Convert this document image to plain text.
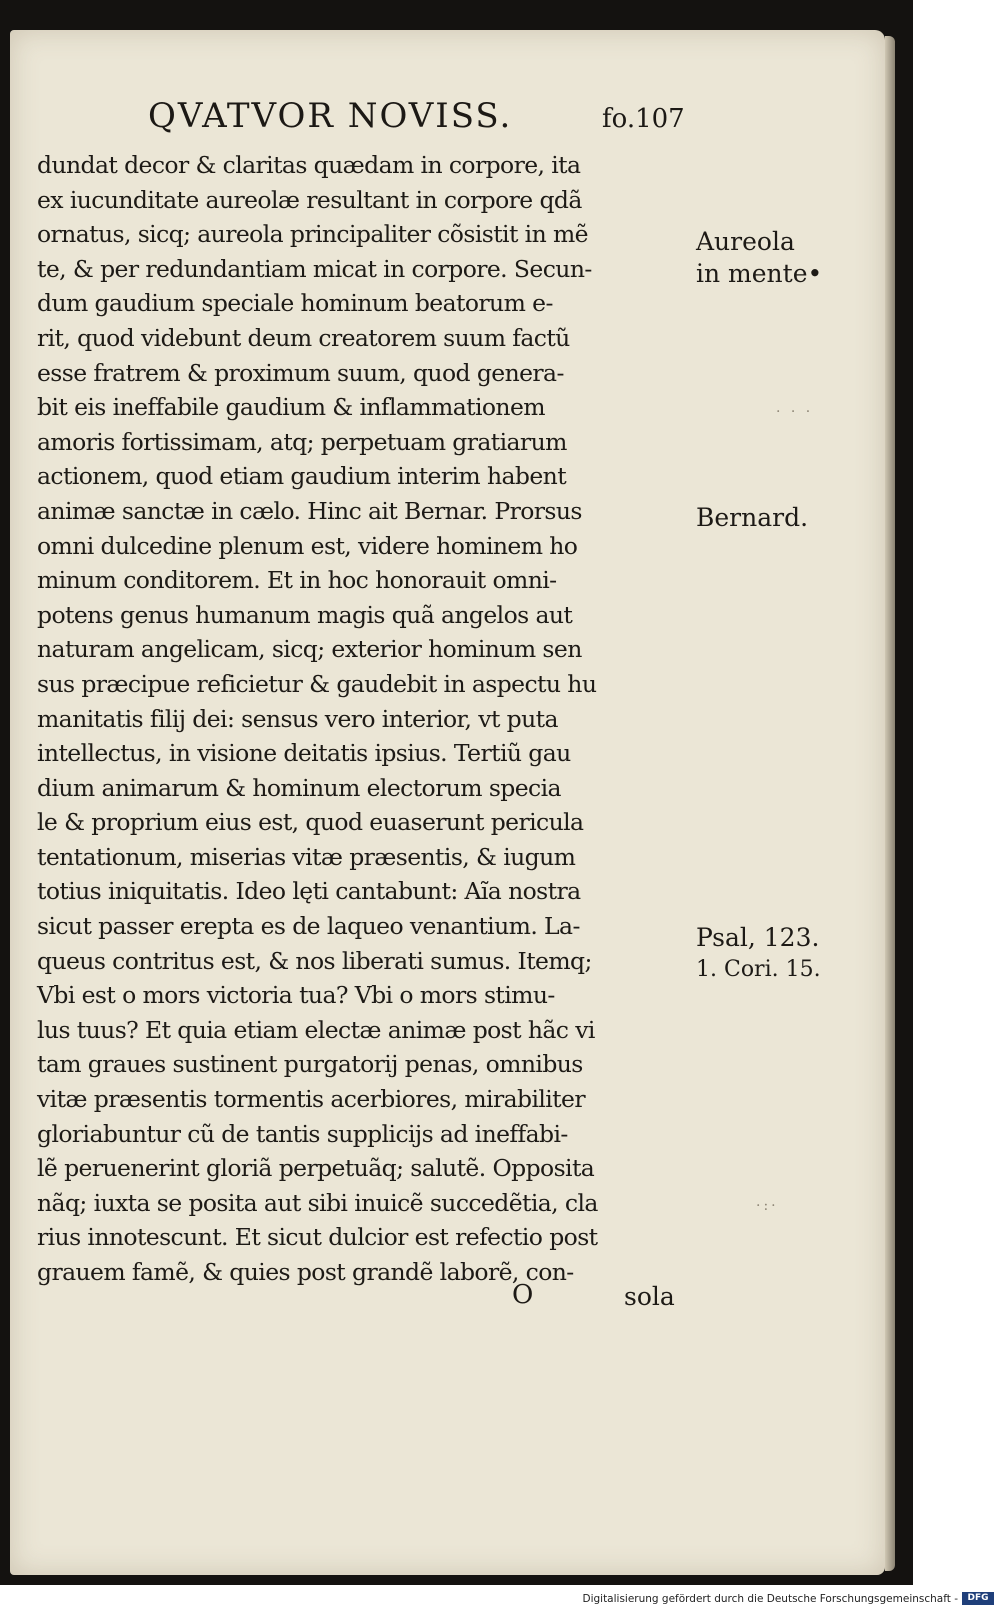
QVATVOR NOVISS.	fo.107
dundat decor & claritas quædam in corpore, ita
ex iucunditate aureolæ resultant in corpore qdã
ornatus, sicq; aureola principaliter cõsistit in mẽ
te, & per redundantiam micat in corpore. Secun-
dum gaudium speciale hominum beatorum e-
rit, quod videbunt deum creatorem suum factũ
esse fratrem & proximum suum, quod genera-
bit eis ineffabile gaudium & inflammationem
amoris fortissimam, atq; perpetuam gratiarum
actionem, quod etiam gaudium interim habent
animæ sanctæ in cælo. Hinc ait Bernar. Prorsus
omni dulcedine plenum est, videre hominem ho
minum conditorem. Et in hoc honorauit omni-
potens genus humanum magis quã angelos aut
naturam angelicam, sicq; exterior hominum sen
sus præcipue reficietur & gaudebit in aspectu hu
manitatis filij dei: sensus vero interior, vt puta
intellectus, in visione deitatis ipsius. Tertiũ gau
dium animarum & hominum electorum specia
le & proprium eius est, quod euaserunt pericula
tentationum, miserias vitæ præsentis, & iugum
totius iniquitatis. Ideo lęti cantabunt: Aĩa nostra
sicut passer erepta es de laqueo venantium. La-
queus contritus est, & nos liberati sumus. Itemq;
Vbi est o mors victoria tua? Vbi o mors stimu-
lus tuus? Et quia etiam electæ animæ post hãc vi
tam graues sustinent purgatorij penas, omnibus
vitæ præsentis tormentis acerbiores, mirabiliter
gloriabuntur cũ de tantis supplicijs ad ineffabi-
lẽ peruenerint gloriã perpetuãq; salutẽ. Opposita
nãq; iuxta se posita aut sibi inuicẽ succedẽtia, cla
rius innotescunt. Et sicut dulcior est refectio post
grauem famẽ, & quies post grandẽ laborẽ, con-
Aureola
in mente•
Bernard.
Psal, 123.
1. Cori. 15.
· · ·
·:·
O	sola
Digitalisierung gefördert durch die Deutsche Forschungsgemeinschaft -	DFG
